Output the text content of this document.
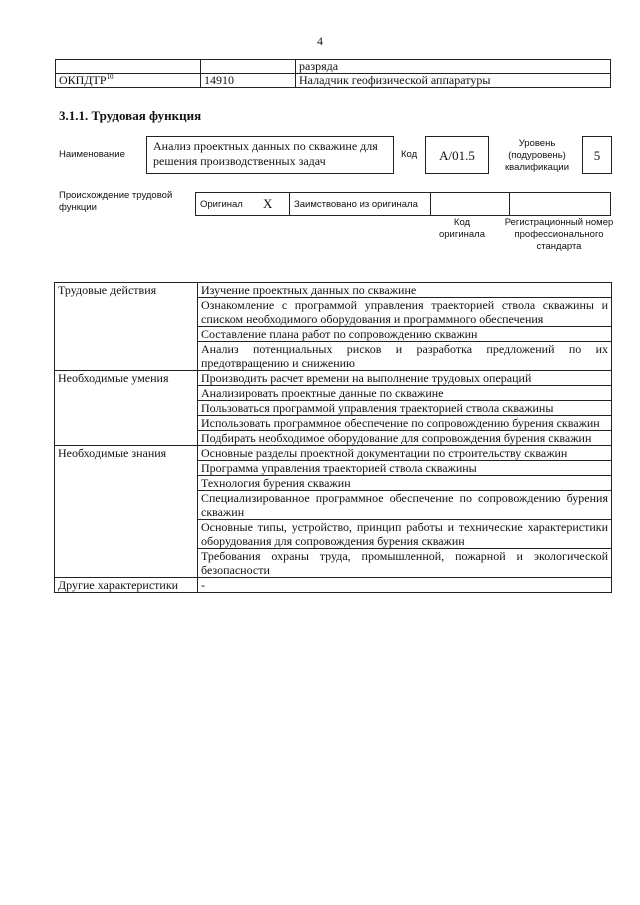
4
		разряда
ОКПДТР$^{10}$	14910	Наладчик геофизической аппаратуры
3.1.1. Трудовая функция
Наименование
Анализ проектных данных по скважине для решения производственных задач	Код	A/01.5
Уровень (подуровень) квалификации
5
Происхождение трудовой функции	Оригинал	X	Заимствовано из оригинала		
Код оригинала
Регистрационный номер профессионального стандарта
Трудовые действия	Изучение проектных данных по скважине
	Ознакомление с программой управления траекторией ствола скважины и списком необходимого оборудования и программного обеспечения
	Составление плана работ по сопровождению скважин
	Анализ потенциальных рисков и разработка предложений по их предотвращению и снижению
Необходимые умения	Производить расчет времени на выполнение трудовых операций
	Анализировать проектные данные по скважине
	Пользоваться программой управления траекторией ствола скважины
	Использовать программное обеспечение по сопровождению бурения скважин
	Подбирать необходимое оборудование для сопровождения бурения скважин
Необходимые знания	Основные разделы проектной документации по строительству скважин
	Программа управления траекторией ствола скважины
	Технология бурения скважин
	Специализированное программное обеспечение по сопровождению бурения скважин
	Основные типы, устройство, принцип работы и технические характеристики оборудования для сопровождения бурения скважин
	Требования охраны труда, промышленной, пожарной и экологической безопасности
Другие характеристики	-
